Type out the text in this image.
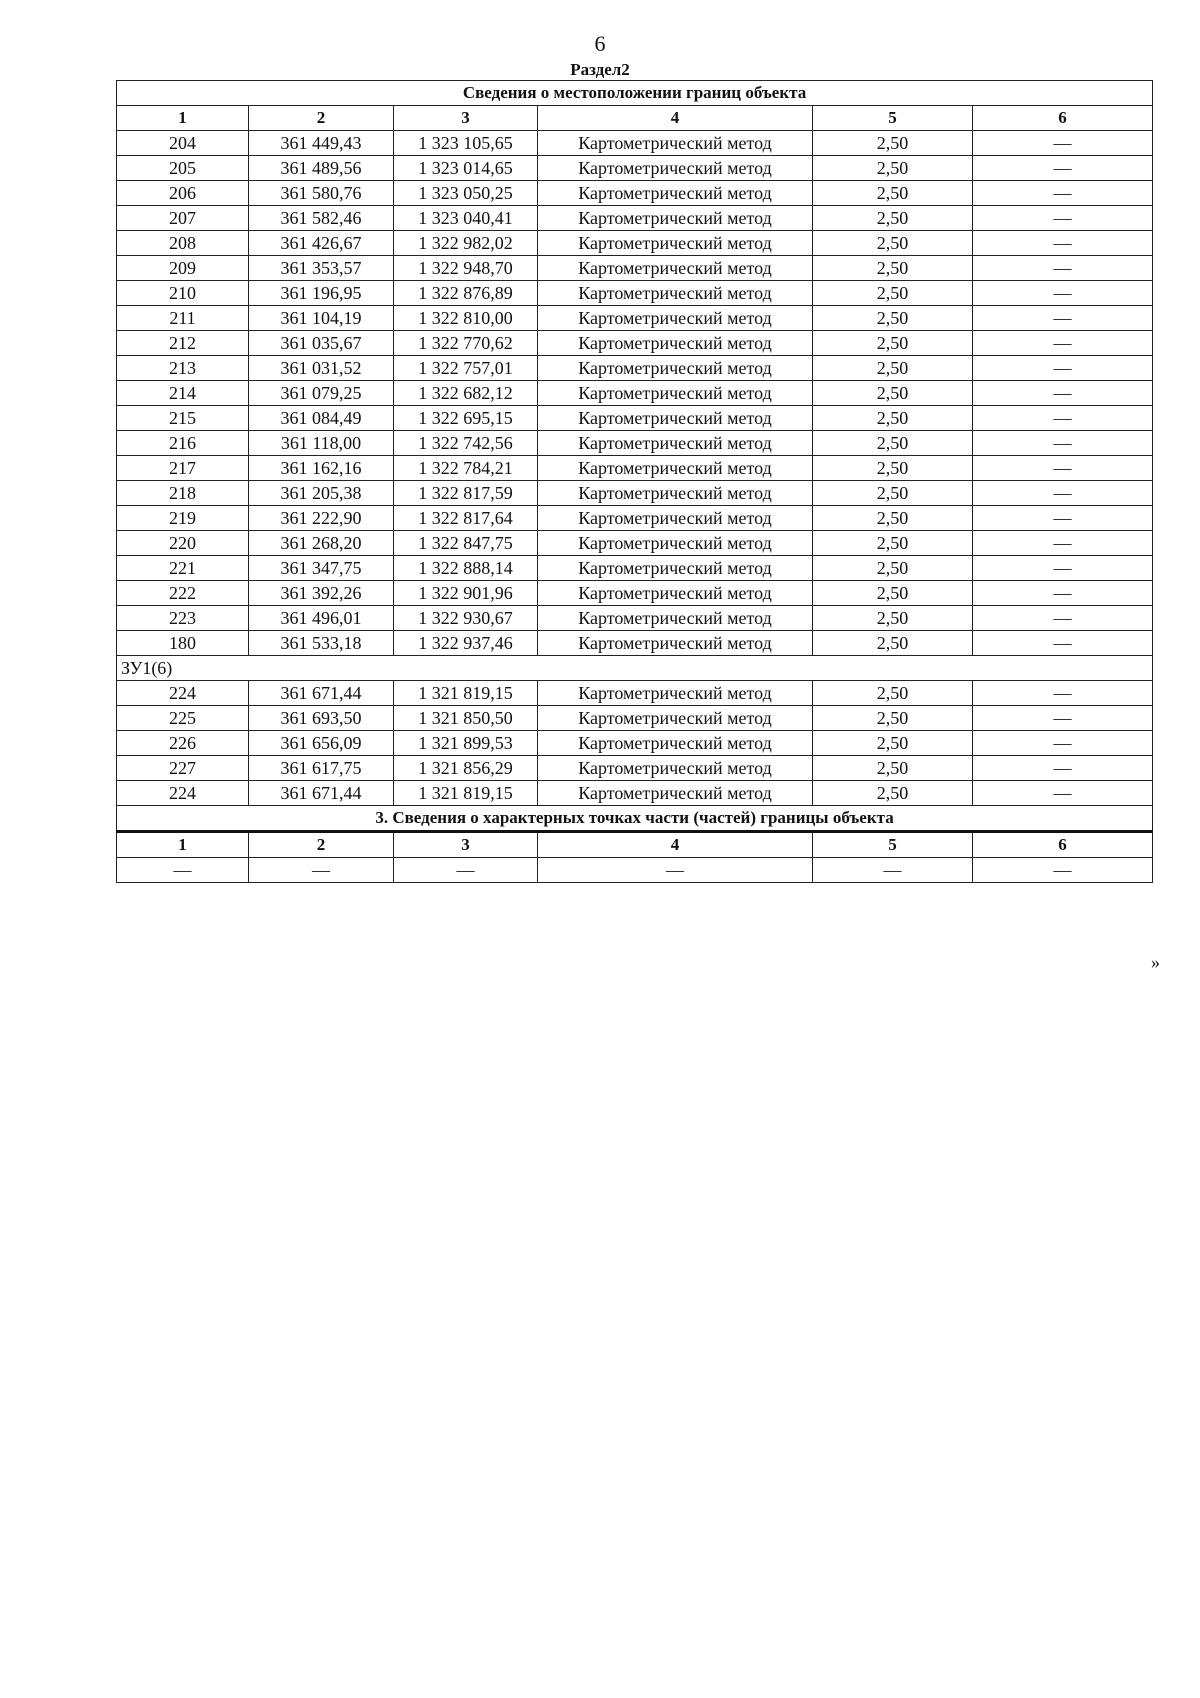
6
Раздел2
Сведения о местоположении границ объекта					
1	2	3	4	5	6
204	361 449,43	1 323 105,65	Картометрический метод	2,50	—
205	361 489,56	1 323 014,65	Картометрический метод	2,50	—
206	361 580,76	1 323 050,25	Картометрический метод	2,50	—
207	361 582,46	1 323 040,41	Картометрический метод	2,50	—
208	361 426,67	1 322 982,02	Картометрический метод	2,50	—
209	361 353,57	1 322 948,70	Картометрический метод	2,50	—
210	361 196,95	1 322 876,89	Картометрический метод	2,50	—
211	361 104,19	1 322 810,00	Картометрический метод	2,50	—
212	361 035,67	1 322 770,62	Картометрический метод	2,50	—
213	361 031,52	1 322 757,01	Картометрический метод	2,50	—
214	361 079,25	1 322 682,12	Картометрический метод	2,50	—
215	361 084,49	1 322 695,15	Картометрический метод	2,50	—
216	361 118,00	1 322 742,56	Картометрический метод	2,50	—
217	361 162,16	1 322 784,21	Картометрический метод	2,50	—
218	361 205,38	1 322 817,59	Картометрический метод	2,50	—
219	361 222,90	1 322 817,64	Картометрический метод	2,50	—
220	361 268,20	1 322 847,75	Картометрический метод	2,50	—
221	361 347,75	1 322 888,14	Картометрический метод	2,50	—
222	361 392,26	1 322 901,96	Картометрический метод	2,50	—
223	361 496,01	1 322 930,67	Картометрический метод	2,50	—
180	361 533,18	1 322 937,46	Картометрический метод	2,50	—
ЗУ1(6)					
224	361 671,44	1 321 819,15	Картометрический метод	2,50	—
225	361 693,50	1 321 850,50	Картометрический метод	2,50	—
226	361 656,09	1 321 899,53	Картометрический метод	2,50	—
227	361 617,75	1 321 856,29	Картометрический метод	2,50	—
224	361 671,44	1 321 819,15	Картометрический метод	2,50	—
3. Сведения о характерных точках части (частей) границы объекта					
1	2	3	4	5	6
—	—	—	—	—	—
»
